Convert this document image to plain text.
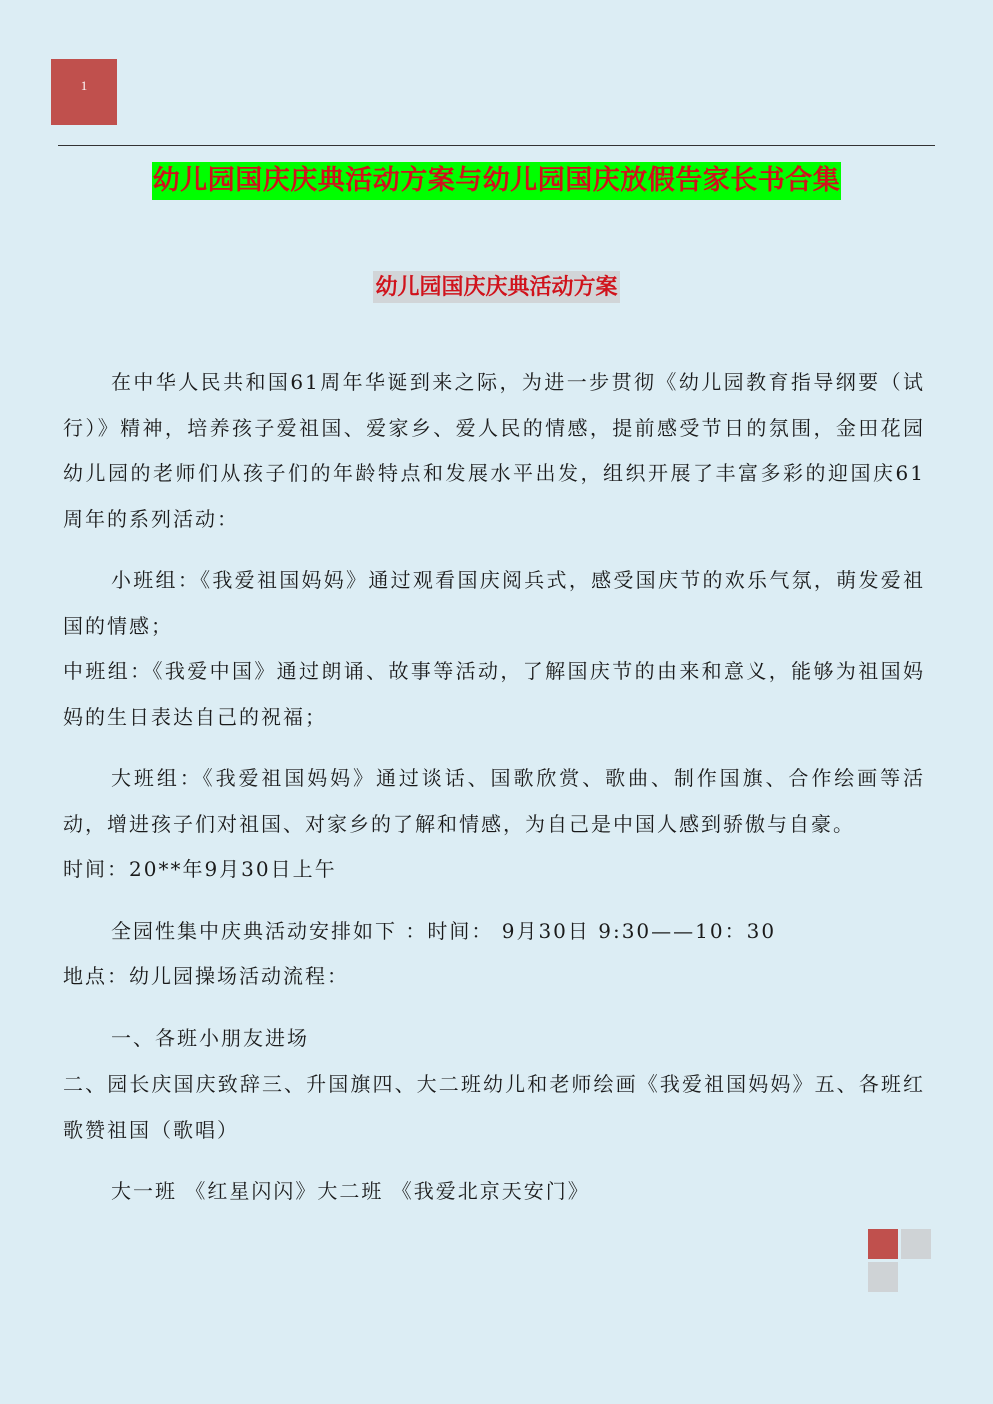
1
幼儿园国庆庆典活动方案与幼儿园国庆放假告家长书合集
幼儿园国庆庆典活动方案

在中华人民共和国61周年华诞到来之际，为进一步贯彻《幼儿园教育指导纲要（试行）》精神，培养孩子爱祖国、爱家乡、爱人民的情感，提前感受节日的氛围，金田花园幼儿园的老师们从孩子们的年龄特点和发展水平出发，组织开展了丰富多彩的迎国庆61周年的系列活动：

小班组：《我爱祖国妈妈》通过观看国庆阅兵式，感受国庆节的欢乐气氛，萌发爱祖国的情感；

中班组：《我爱中国》通过朗诵、故事等活动，了解国庆节的由来和意义，能够为祖国妈妈的生日表达自己的祝福；

大班组：《我爱祖国妈妈》通过谈话、国歌欣赏、歌曲、制作国旗、合作绘画等活动，增进孩子们对祖国、对家乡的了解和情感，为自己是中国人感到骄傲与自豪。

时间：20**年9月30日上午

全园性集中庆典活动安排如下 ：时间： 9月30日 9:30——10：30

地点：幼儿园操场活动流程：

一、各班小朋友进场

二、园长庆国庆致辞三、升国旗四、大二班幼儿和老师绘画《我爱祖国妈妈》五、各班红歌赞祖国（歌唱）

大一班 《红星闪闪》大二班 《我爱北京天安门》
